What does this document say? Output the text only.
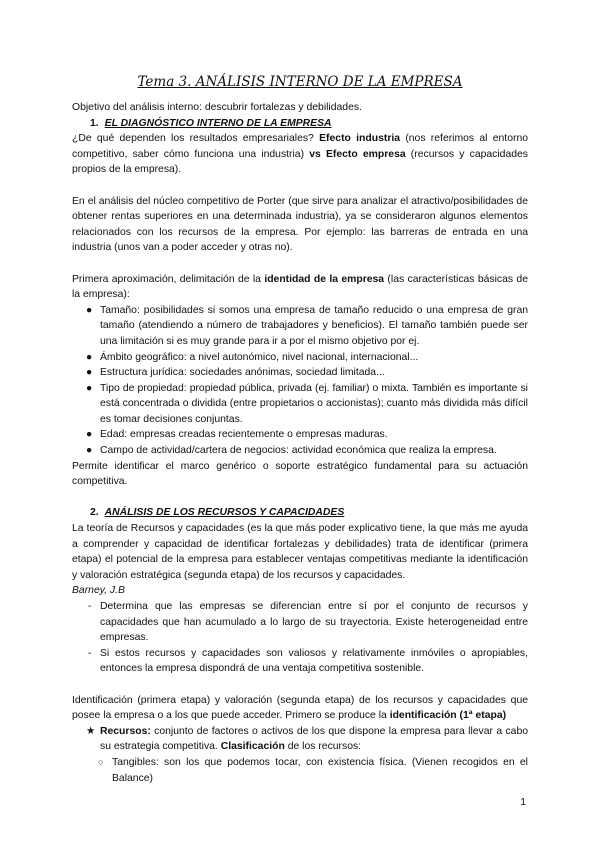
Tema 3. ANÁLISIS INTERNO DE LA EMPRESA

Objetivo del análisis interno: descubrir fortalezas y debilidades.

1. EL DIAGNÓSTICO INTERNO DE LA EMPRESA

¿De qué dependen los resultados empresariales? Efecto industria (nos referimos al entorno competitivo, saber cómo funciona una industria) vs Efecto empresa (recursos y capacidades propios de la empresa).

En el análisis del núcleo competitivo de Porter (que sirve para analizar el atractivo/posibilidades de obtener rentas superiores en una determinada industria), ya se consideraron algunos elementos relacionados con los recursos de la empresa. Por ejemplo: las barreras de entrada en una industria (unos van a poder acceder y otras no).

Primera aproximación, delimitación de la identidad de la empresa (las características básicas de la empresa):

● Tamaño: posibilidades si somos una empresa de tamaño reducido o una empresa de gran tamaño (atendiendo a número de trabajadores y beneficios). El tamaño también puede ser una limitación si es muy grande para ir a por el mismo objetivo por ej.
● Ámbito geográfico: a nivel autonómico, nivel nacional, internacional...
● Estructura jurídica: sociedades anónimas, sociedad limitada...
● Tipo de propiedad: propiedad pública, privada (ej. familiar) o mixta. También es importante si está concentrada o dividida (entre propietarios o accionistas); cuanto más dividida más difícil es tomar decisiones conjuntas.
● Edad: empresas creadas recientemente o empresas maduras.
● Campo de actividad/cartera de negocios: actividad económica que realiza la empresa.

Permite identificar el marco genérico o soporte estratégico fundamental para su actuación competitiva.

2. ANÁLISIS DE LOS RECURSOS Y CAPACIDADES

La teoría de Recursos y capacidades (es la que más poder explicativo tiene, la que más me ayuda a comprender y capacidad de identificar fortalezas y debilidades) trata de identificar (primera etapa) el potencial de la empresa para establecer ventajas competitivas mediante la identificación y valoración estratégica (segunda etapa) de los recursos y capacidades.

Barney, J.B

- Determina que las empresas se diferencian entre sí por el conjunto de recursos y capacidades que han acumulado a lo largo de su trayectoria. Existe heterogeneidad entre empresas.
- Si estos recursos y capacidades son valiosos y relativamente inmóviles o apropiables, entonces la empresa dispondrá de una ventaja competitiva sostenible.

Identificación (primera etapa) y valoración (segunda etapa) de los recursos y capacidades que posee la empresa o a los que puede acceder. Primero se produce la identificación (1ª etapa)

★ Recursos: conjunto de factores o activos de los que dispone la empresa para llevar a cabo su estrategia competitiva. Clasificación de los recursos:
○ Tangibles: son los que podemos tocar, con existencia física. (Vienen recogidos en el Balance)
1
